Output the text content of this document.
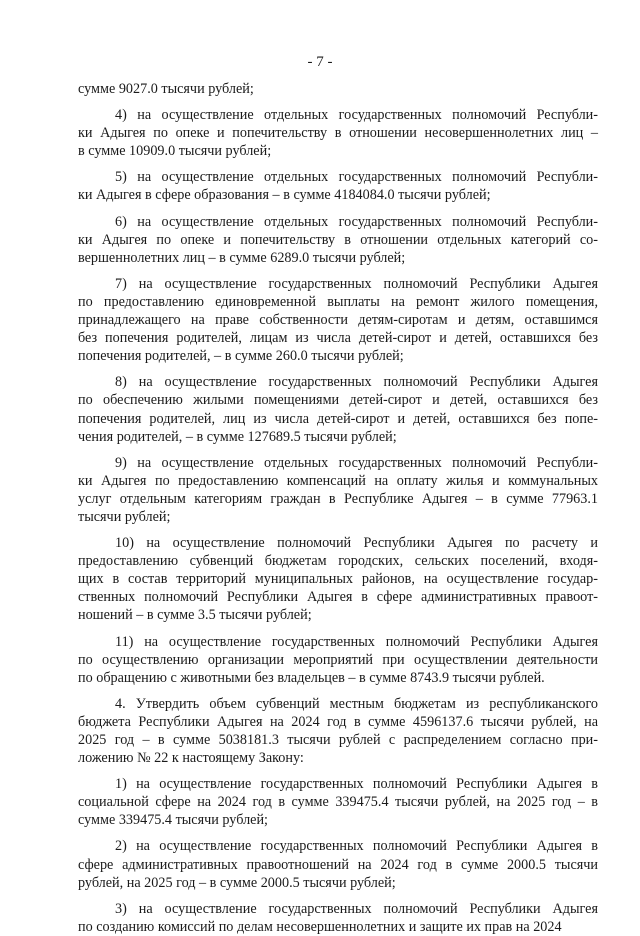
- 7 -
сумме 9027.0 тысячи рублей;
4) на осуществление отдельных государственных полномочий Республи-
ки Адыгея по опеке и попечительству в отношении несовершеннолетних лиц –
в сумме 10909.0 тысячи рублей;
5) на осуществление отдельных государственных полномочий Республи-
ки Адыгея в сфере образования – в сумме 4184084.0 тысячи рублей;
6) на осуществление отдельных государственных полномочий Республи-
ки Адыгея по опеке и попечительству в отношении отдельных категорий со-
вершеннолетних лиц – в сумме 6289.0 тысячи рублей;
7) на осуществление государственных полномочий Республики Адыгея
по предоставлению единовременной выплаты на ремонт жилого помещения,
принадлежащего на праве собственности детям-сиротам и детям, оставшимся
без попечения родителей, лицам из числа детей-сирот и детей, оставшихся без
попечения родителей, – в сумме 260.0 тысячи рублей;
8) на осуществление государственных полномочий Республики Адыгея
по обеспечению жилыми помещениями детей-сирот и детей, оставшихся без
попечения родителей, лиц из числа детей-сирот и детей, оставшихся без попе-
чения родителей, – в сумме 127689.5 тысячи рублей;
9) на осуществление отдельных государственных полномочий Республи-
ки Адыгея по предоставлению компенсаций на оплату жилья и коммунальных
услуг отдельным категориям граждан в Республике Адыгея – в сумме 77963.1
тысячи рублей;
10) на осуществление полномочий Республики Адыгея по расчету и
предоставлению субвенций бюджетам городских, сельских поселений, входя-
щих в состав территорий муниципальных районов, на осуществление государ-
ственных полномочий Республики Адыгея в сфере административных правоот-
ношений – в сумме 3.5 тысячи рублей;
11) на осуществление государственных полномочий Республики Адыгея
по осуществлению организации мероприятий при осуществлении деятельности
по обращению с животными без владельцев – в сумме 8743.9 тысячи рублей.
4. Утвердить объем субвенций местным бюджетам из республиканского
бюджета Республики Адыгея на 2024 год в сумме 4596137.6 тысячи рублей, на
2025 год – в сумме 5038181.3 тысячи рублей с распределением согласно при-
ложению № 22 к настоящему Закону:
1) на осуществление государственных полномочий Республики Адыгея в
социальной сфере на 2024 год в сумме 339475.4 тысячи рублей, на 2025 год – в
сумме 339475.4 тысячи рублей;
2) на осуществление государственных полномочий Республики Адыгея в
сфере административных правоотношений на 2024 год в сумме 2000.5 тысячи
рублей, на 2025 год – в сумме 2000.5 тысячи рублей;
3) на осуществление государственных полномочий Республики Адыгея
по созданию комиссий по делам несовершеннолетних и защите их прав на 2024
